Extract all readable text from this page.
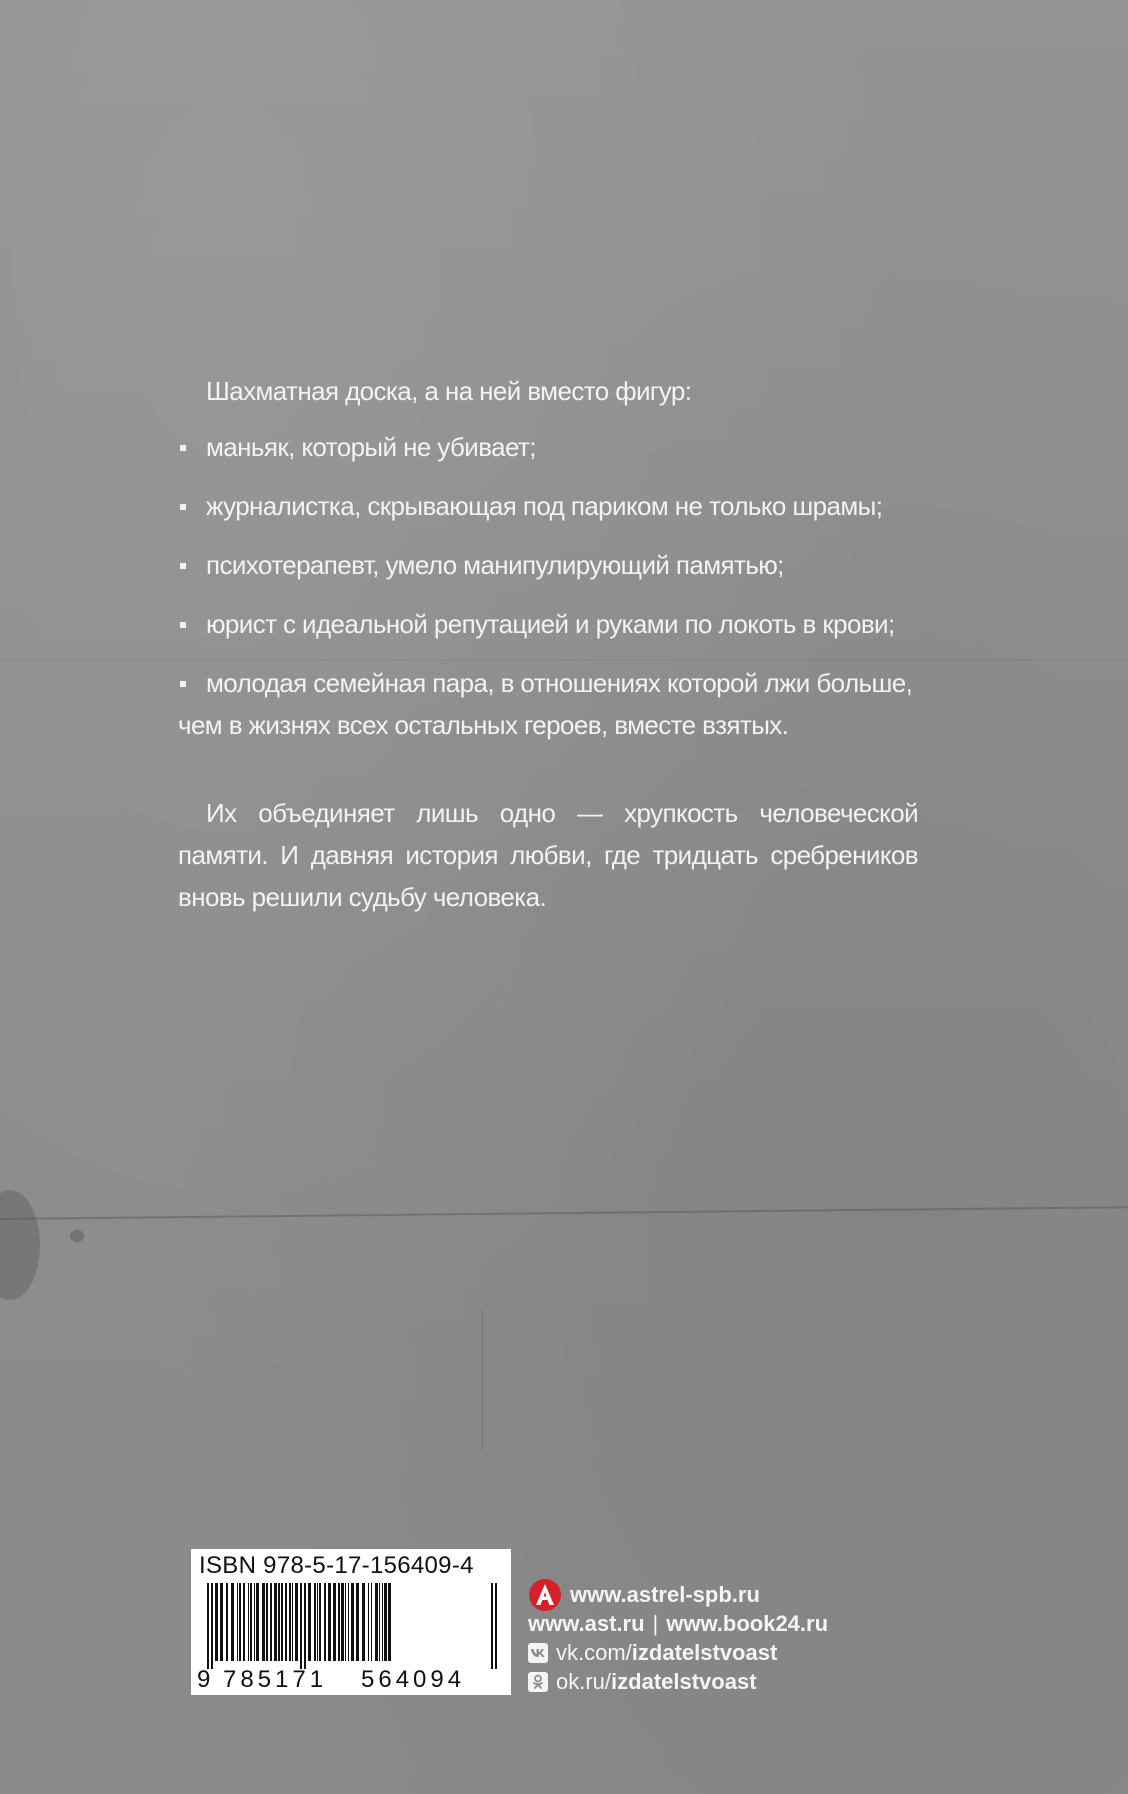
Шахматная доска, а на ней вместо фигур:

маньяк, который не убивает;
журналистка, скрывающая под париком не только шрамы;
психотерапевт, умело манипулирующий памятью;
юрист с идеальной репутацией и руками по локоть в крови;
молодая семейная пара, в отношениях которой лжи больше, чем в жизнях всех остальных героев, вместе взятых.

Их объединяет лишь одно — хрупкость человеческой памяти. И давняя история любви, где тридцать сребреников вновь решили судьбу человека.

ISBN 978-5-17-156409-4
9 785171 564094
www.astrel-spb.ru
www.ast.ru | www.book24.ru
vk.com/ izdatelstvoast
ok.ru/ izdatelstvoast
